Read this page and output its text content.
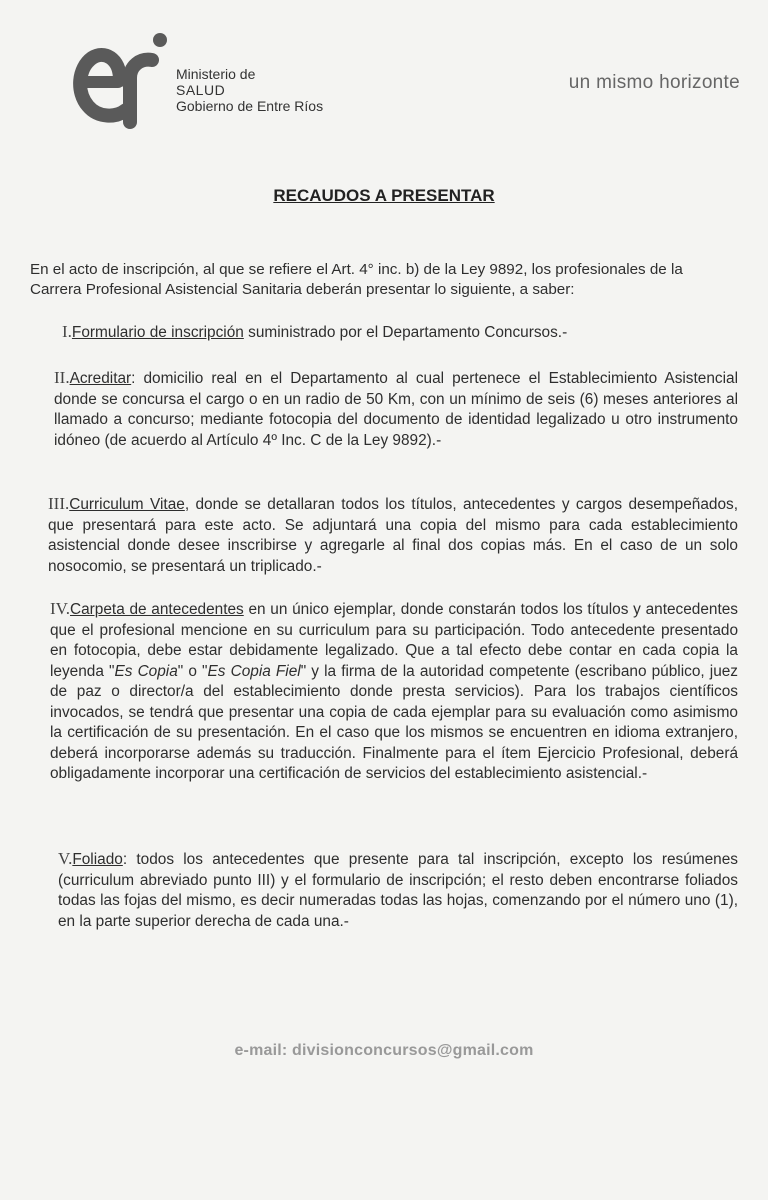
Ministerio de
SALUD
Gobierno de Entre Ríos
un mismo horizonte
RECAUDOS A PRESENTAR
En el acto de inscripción, al que se refiere el Art. 4° inc. b) de la Ley 9892, los profesionales de la Carrera Profesional Asistencial Sanitaria deberán presentar lo siguiente, a saber:
I.Formulario de inscripción suministrado por el Departamento Concursos.-
II.Acreditar: domicilio real en el Departamento al cual pertenece el Establecimiento Asistencial donde se concursa el cargo o en un radio de 50 Km, con un mínimo de seis (6) meses anteriores al llamado a concurso; mediante fotocopia del documento de identidad legalizado u otro instrumento idóneo (de acuerdo al Artículo 4º Inc. C de la Ley 9892).-
III.Curriculum Vitae, donde se detallaran todos los títulos, antecedentes y cargos desempeñados, que presentará para este acto. Se adjuntará una copia del mismo para cada establecimiento asistencial donde desee inscribirse y agregarle al final dos copias más. En el caso de un solo nosocomio, se presentará un triplicado.-
IV.Carpeta de antecedentes en un único ejemplar, donde constarán todos los títulos y antecedentes que el profesional mencione en su curriculum para su participación. Todo antecedente presentado en fotocopia, debe estar debidamente legalizado. Que a tal efecto debe contar en cada copia la leyenda "Es Copia" o "Es Copia Fiel" y la firma de la autoridad competente (escribano público, juez de paz o director/a del establecimiento donde presta servicios). Para los trabajos científicos invocados, se tendrá que presentar una copia de cada ejemplar para su evaluación como asimismo la certificación de su presentación. En el caso que los mismos se encuentren en idioma extranjero, deberá incorporarse además su traducción. Finalmente para el ítem Ejercicio Profesional, deberá obligadamente incorporar una certificación de servicios del establecimiento asistencial.-
V.Foliado: todos los antecedentes que presente para tal inscripción, excepto los resúmenes (curriculum abreviado punto III) y el formulario de inscripción; el resto deben encontrarse foliados todas las fojas del mismo, es decir numeradas todas las hojas, comenzando por el número uno (1), en la parte superior derecha de cada una.-
e-mail: divisionconcursos@gmail.com
